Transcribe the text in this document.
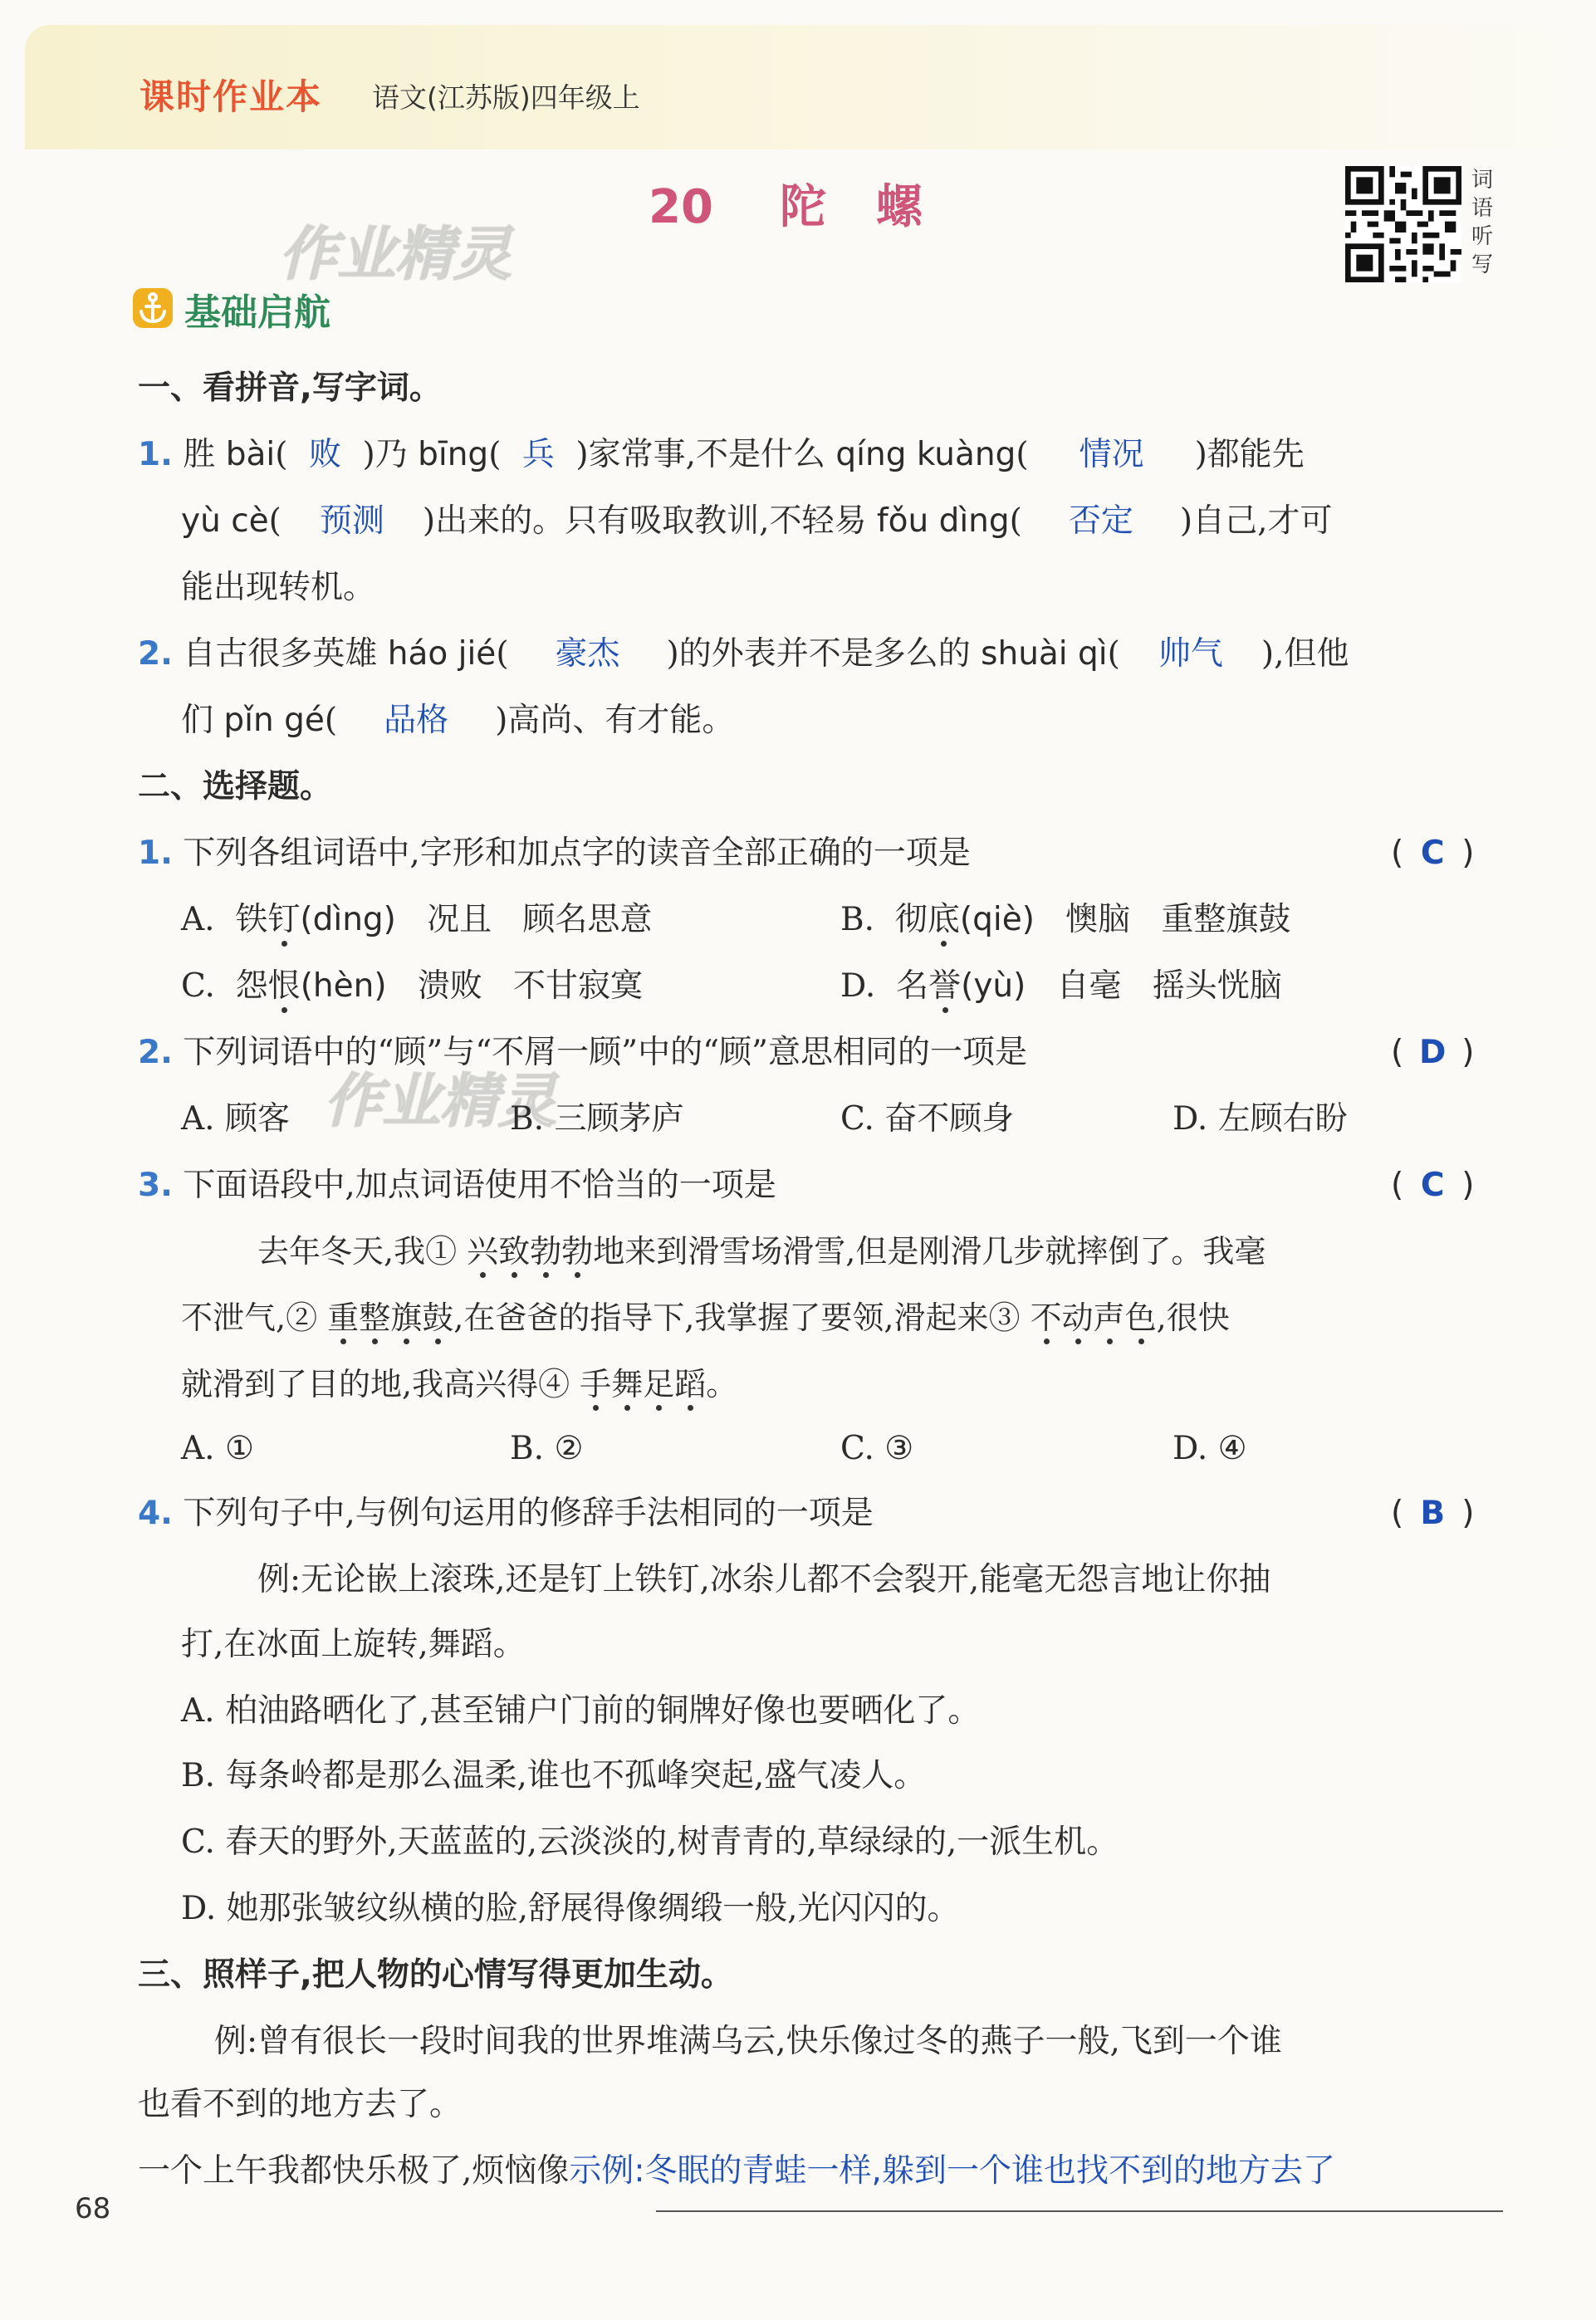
课时作业本 语文(江苏版)四年级上
20 陀 螺	词
语
听
写
作业精灵
作业精灵
基础启航
一、看拼音,写字词。
1. 胜 bài( 败 )乃 bīng( 兵 )家常事,不是什么 qíng kuàng( 情况 )都能先
yù cè( 预测 )出来的。只有吸取教训,不轻易 fǒu dìng( 否定 )自己,才可
能出现转机。
2. 自古很多英雄 háo jié( 豪杰 )的外表并不是多么的 shuài qì( 帅气 ),但他
们 pǐn gé( 品格 )高尚、有才能。
二、选择题。
1. 下列各组词语中,字形和加点字的读音全部正确的一项是	( C )
A. 铁钉(dìng) 况且 顾名思意	B. 彻底(qiè) 懊脑 重整旗鼓
C. 怨恨(hèn) 溃败 不甘寂寞	D. 名誉(yù) 自毫 摇头恍脑
2. 下列词语中的“顾”与“不屑一顾”中的“顾”意思相同的一项是	( D )
A. 顾客	B. 三顾茅庐	C. 奋不顾身	D. 左顾右盼
3. 下面语段中,加点词语使用不恰当的一项是	( C )
去年冬天,我① 兴致勃勃地来到滑雪场滑雪,但是刚滑几步就摔倒了。我毫
不泄气,② 重整旗鼓,在爸爸的指导下,我掌握了要领,滑起来③ 不动声色,很快
就滑到了目的地,我高兴得④ 手舞足蹈。
A. ①	B. ②	C. ③	D. ④
4. 下列句子中,与例句运用的修辞手法相同的一项是	( B )
例:无论嵌上滚珠,还是钉上铁钉,冰尜儿都不会裂开,能毫无怨言地让你抽
打,在冰面上旋转,舞蹈。
A. 柏油路晒化了,甚至铺户门前的铜牌好像也要晒化了。
B. 每条岭都是那么温柔,谁也不孤峰突起,盛气凌人。
C. 春天的野外,天蓝蓝的,云淡淡的,树青青的,草绿绿的,一派生机。
D. 她那张皱纹纵横的脸,舒展得像绸缎一般,光闪闪的。
三、照样子,把人物的心情写得更加生动。
例:曾有很长一段时间我的世界堆满乌云,快乐像过冬的燕子一般,飞到一个谁
也看不到的地方去了。
一个上午我都快乐极了,烦恼像示例:冬眠的青蛙一样,躲到一个谁也找不到的地方去了
68
